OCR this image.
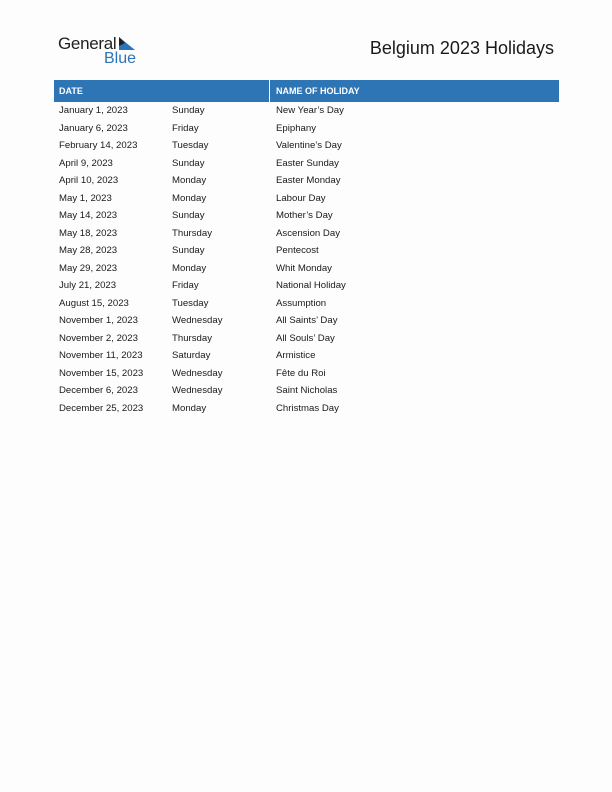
General
Blue
Belgium 2023 Holidays
DATE	NAME OF HOLIDAY
January 1, 2023	Sunday	New Year’s Day
January 6, 2023	Friday	Epiphany
February 14, 2023	Tuesday	Valentine’s Day
April 9, 2023	Sunday	Easter Sunday
April 10, 2023	Monday	Easter Monday
May 1, 2023	Monday	Labour Day
May 14, 2023	Sunday	Mother’s Day
May 18, 2023	Thursday	Ascension Day
May 28, 2023	Sunday	Pentecost
May 29, 2023	Monday	Whit Monday
July 21, 2023	Friday	National Holiday
August 15, 2023	Tuesday	Assumption
November 1, 2023	Wednesday	All Saints’ Day
November 2, 2023	Thursday	All Souls’ Day
November 11, 2023	Saturday	Armistice
November 15, 2023	Wednesday	Fête du Roi
December 6, 2023	Wednesday	Saint Nicholas
December 25, 2023	Monday	Christmas Day
